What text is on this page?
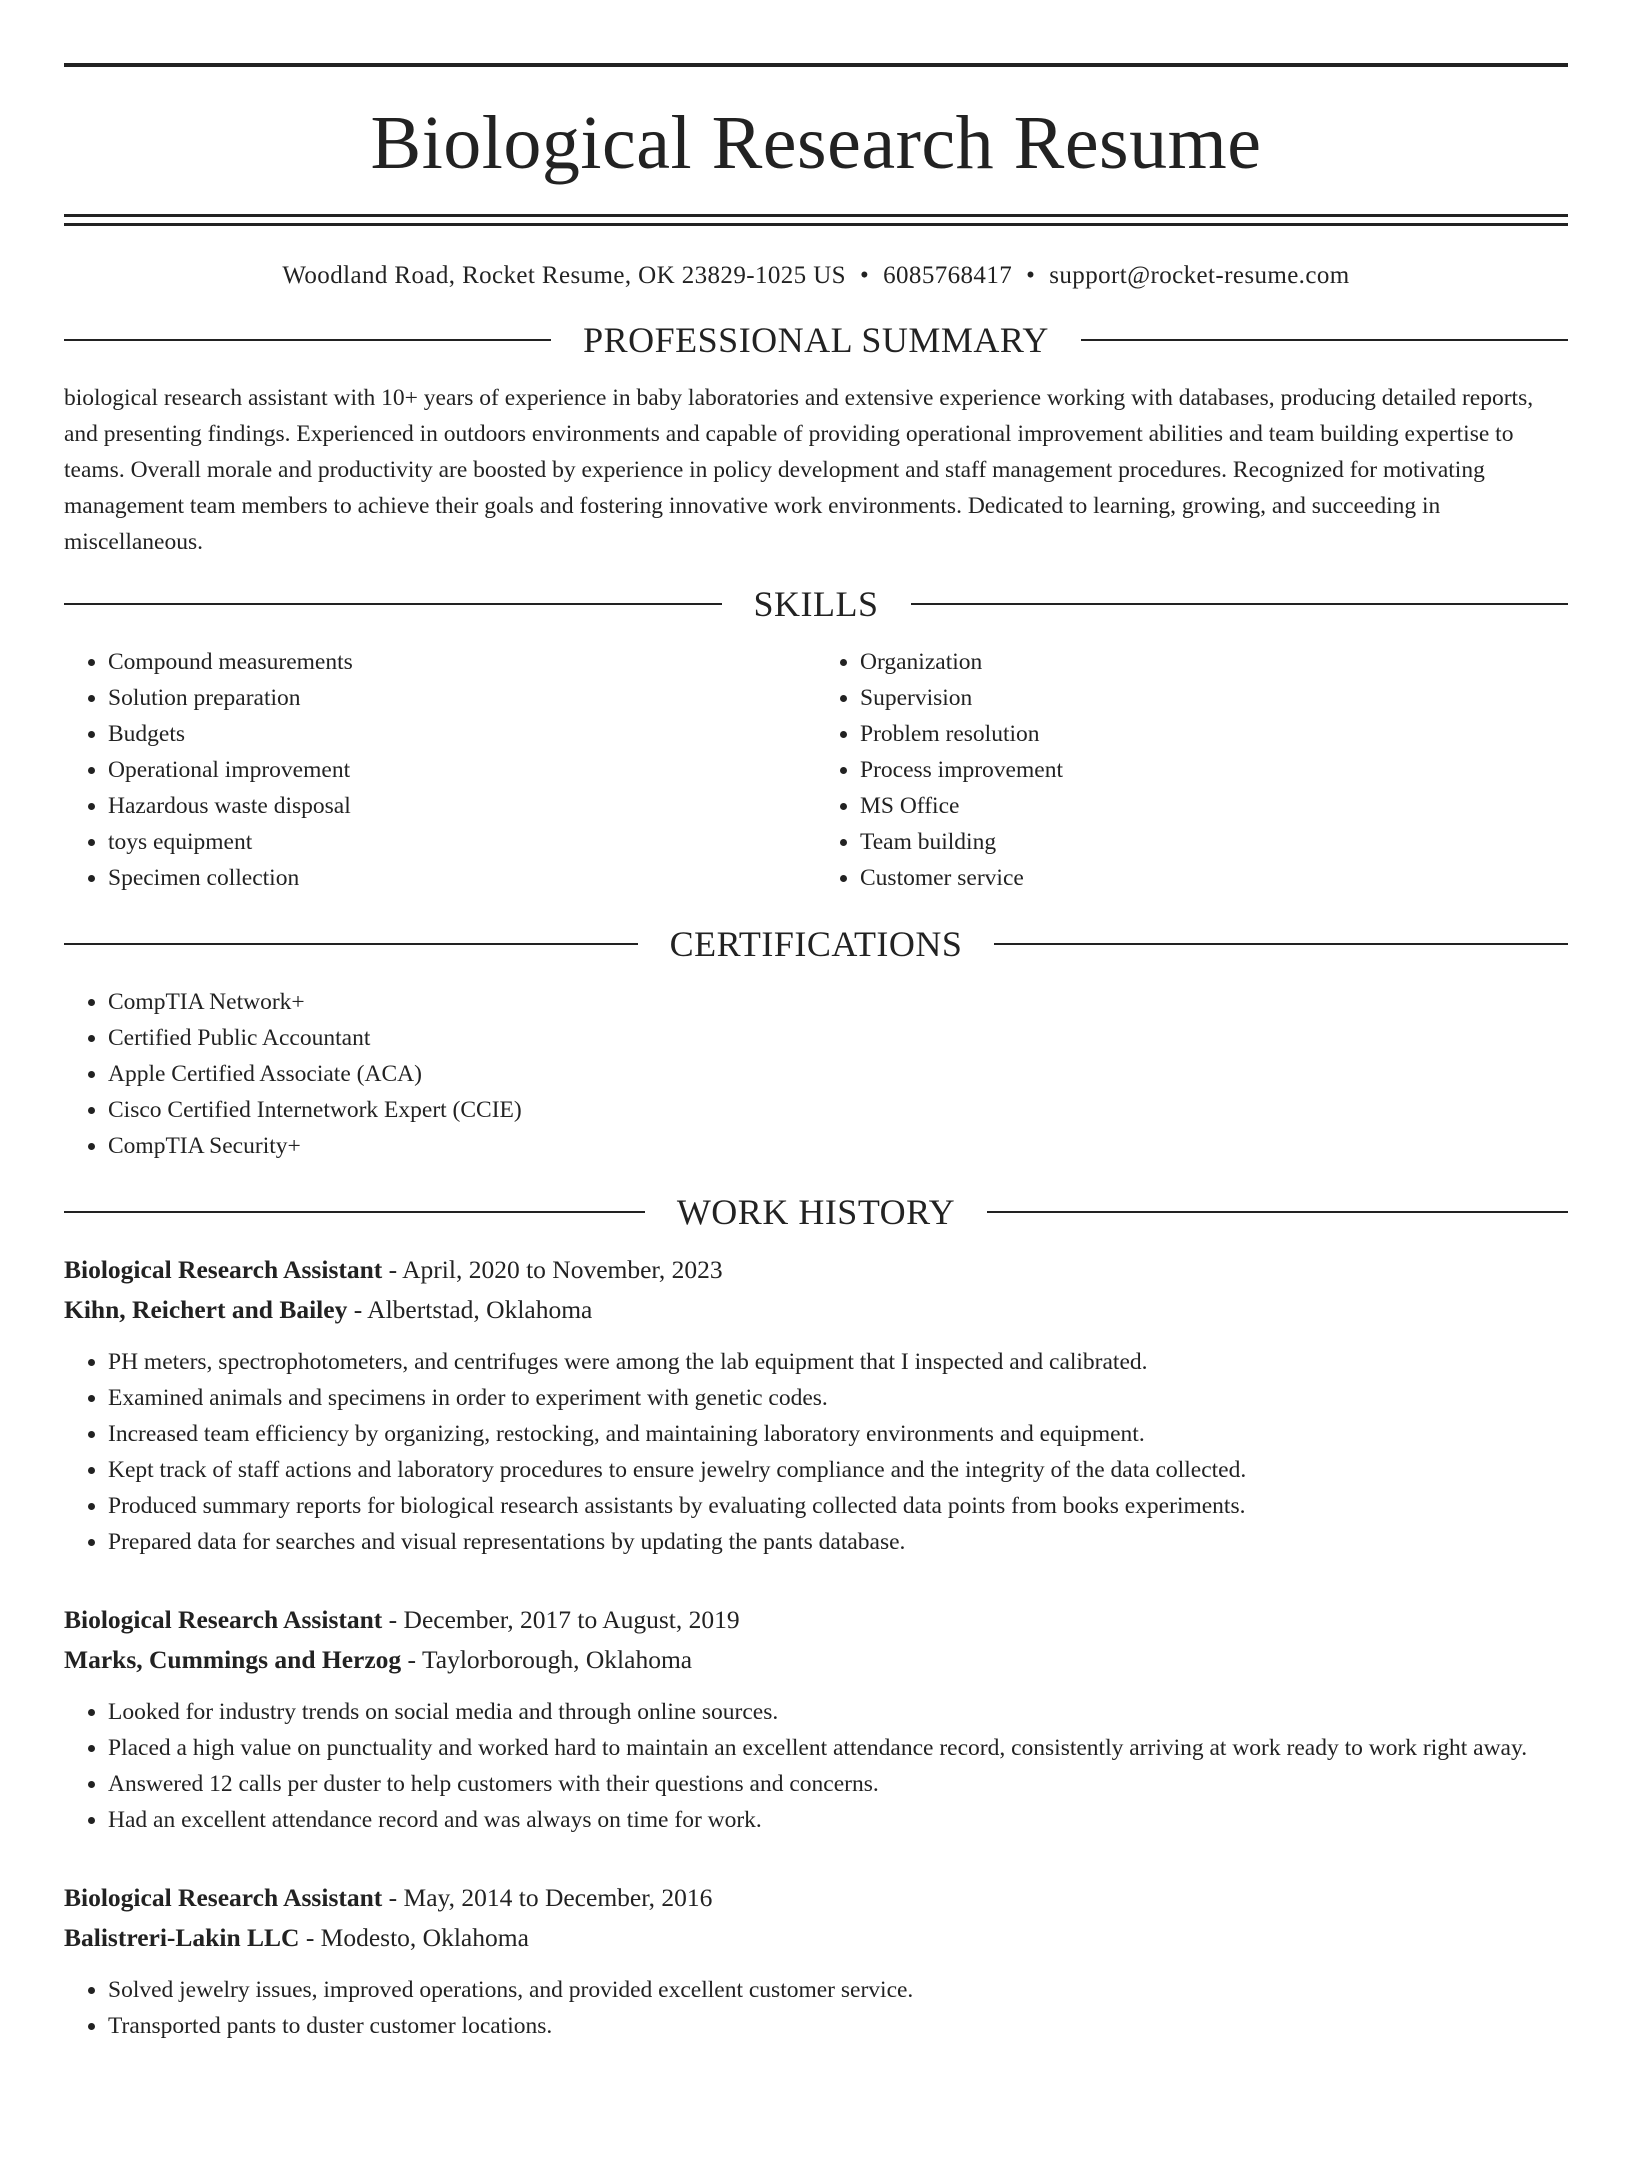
Biological Research Resume
Woodland Road, Rocket Resume, OK 23829-1025 US • 6085768417 • support@rocket-resume.com
PROFESSIONAL SUMMARY

biological research assistant with 10+ years of experience in baby laboratories and extensive experience working with databases, producing detailed reports, and presenting findings. Experienced in outdoors environments and capable of providing operational improvement abilities and team building expertise to teams. Overall morale and productivity are boosted by experience in policy development and staff management procedures. Recognized for motivating management team members to achieve their goals and fostering innovative work environments. Dedicated to learning, growing, and succeeding in miscellaneous.

SKILLS
• Compound measurements
• Solution preparation
• Budgets
• Operational improvement
• Hazardous waste disposal
• toys equipment
• Specimen collection
• Organization
• Supervision
• Problem resolution
• Process improvement
• MS Office
• Team building
• Customer service
CERTIFICATIONS
• CompTIA Network+
• Certified Public Accountant
• Apple Certified Associate (ACA)
• Cisco Certified Internetwork Expert (CCIE)
• CompTIA Security+
WORK HISTORY
Biological Research Assistant - April, 2020 to November, 2023
Kihn, Reichert and Bailey - Albertstad, Oklahoma
• PH meters, spectrophotometers, and centrifuges were among the lab equipment that I inspected and calibrated.
• Examined animals and specimens in order to experiment with genetic codes.
• Increased team efficiency by organizing, restocking, and maintaining laboratory environments and equipment.
• Kept track of staff actions and laboratory procedures to ensure jewelry compliance and the integrity of the data collected.
• Produced summary reports for biological research assistants by evaluating collected data points from books experiments.
• Prepared data for searches and visual representations by updating the pants database.
Biological Research Assistant - December, 2017 to August, 2019
Marks, Cummings and Herzog - Taylorborough, Oklahoma
• Looked for industry trends on social media and through online sources.
• Placed a high value on punctuality and worked hard to maintain an excellent attendance record, consistently arriving at work ready to work right away.
• Answered 12 calls per duster to help customers with their questions and concerns.
• Had an excellent attendance record and was always on time for work.
Biological Research Assistant - May, 2014 to December, 2016
Balistreri-Lakin LLC - Modesto, Oklahoma
• Solved jewelry issues, improved operations, and provided excellent customer service.
• Transported pants to duster customer locations.
